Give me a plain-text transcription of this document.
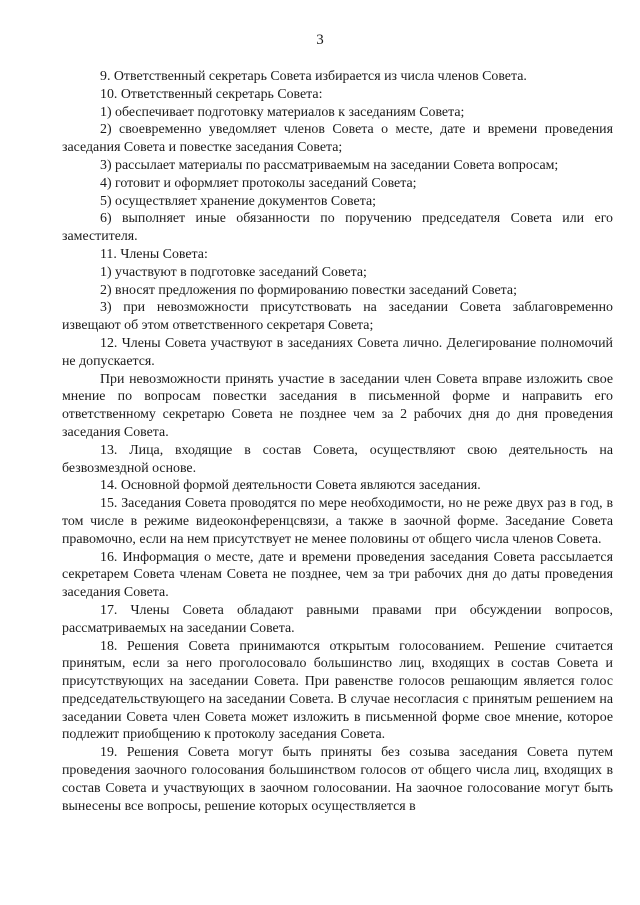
3

9. Ответственный секретарь Совета избирается из числа членов Совета.

10. Ответственный секретарь Совета:

1) обеспечивает подготовку материалов к заседаниям Совета;

2) своевременно уведомляет членов Совета о месте, дате и времени проведения заседания Совета и повестке заседания Совета;

3) рассылает материалы по рассматриваемым на заседании Совета вопросам;

4) готовит и оформляет протоколы заседаний Совета;

5) осуществляет хранение документов Совета;

6) выполняет иные обязанности по поручению председателя Совета или его заместителя.

11. Члены Совета:

1) участвуют в подготовке заседаний Совета;

2) вносят предложения по формированию повестки заседаний Совета;

3) при невозможности присутствовать на заседании Совета заблаговременно извещают об этом ответственного секретаря Совета;

12. Члены Совета участвуют в заседаниях Совета лично. Делегирование полномочий не допускается.

При невозможности принять участие в заседании член Совета вправе изложить свое мнение по вопросам повестки заседания в письменной форме и направить его ответственному секретарю Совета не позднее чем за 2 рабочих дня до дня проведения заседания Совета.

13. Лица, входящие в состав Совета, осуществляют свою деятельность на безвозмездной основе.

14. Основной формой деятельности Совета являются заседания.

15. Заседания Совета проводятся по мере необходимости, но не реже двух раз в год, в том числе в режиме видеоконференцсвязи, а также в заочной форме. Заседание Совета правомочно, если на нем присутствует не менее половины от общего числа членов Совета.

16. Информация о месте, дате и времени проведения заседания Совета рассылается секретарем Совета членам Совета не позднее, чем за три рабочих дня до даты проведения заседания Совета.

17. Члены Совета обладают равными правами при обсуждении вопросов, рассматриваемых на заседании Совета.

18. Решения Совета принимаются открытым голосованием. Решение считается принятым, если за него проголосовало большинство лиц, входящих в состав Совета и присутствующих на заседании Совета. При равенстве голосов решающим является голос председательствующего на заседании Совета. В случае несогласия с принятым решением на заседании Совета член Совета может изложить в письменной форме свое мнение, которое подлежит приобщению к протоколу заседания Совета.

19. Решения Совета могут быть приняты без созыва заседания Совета путем проведения заочного голосования большинством голосов от общего числа лиц, входящих в состав Совета и участвующих в заочном голосовании. На заочное голосование могут быть вынесены все вопросы, решение которых осуществляется в
